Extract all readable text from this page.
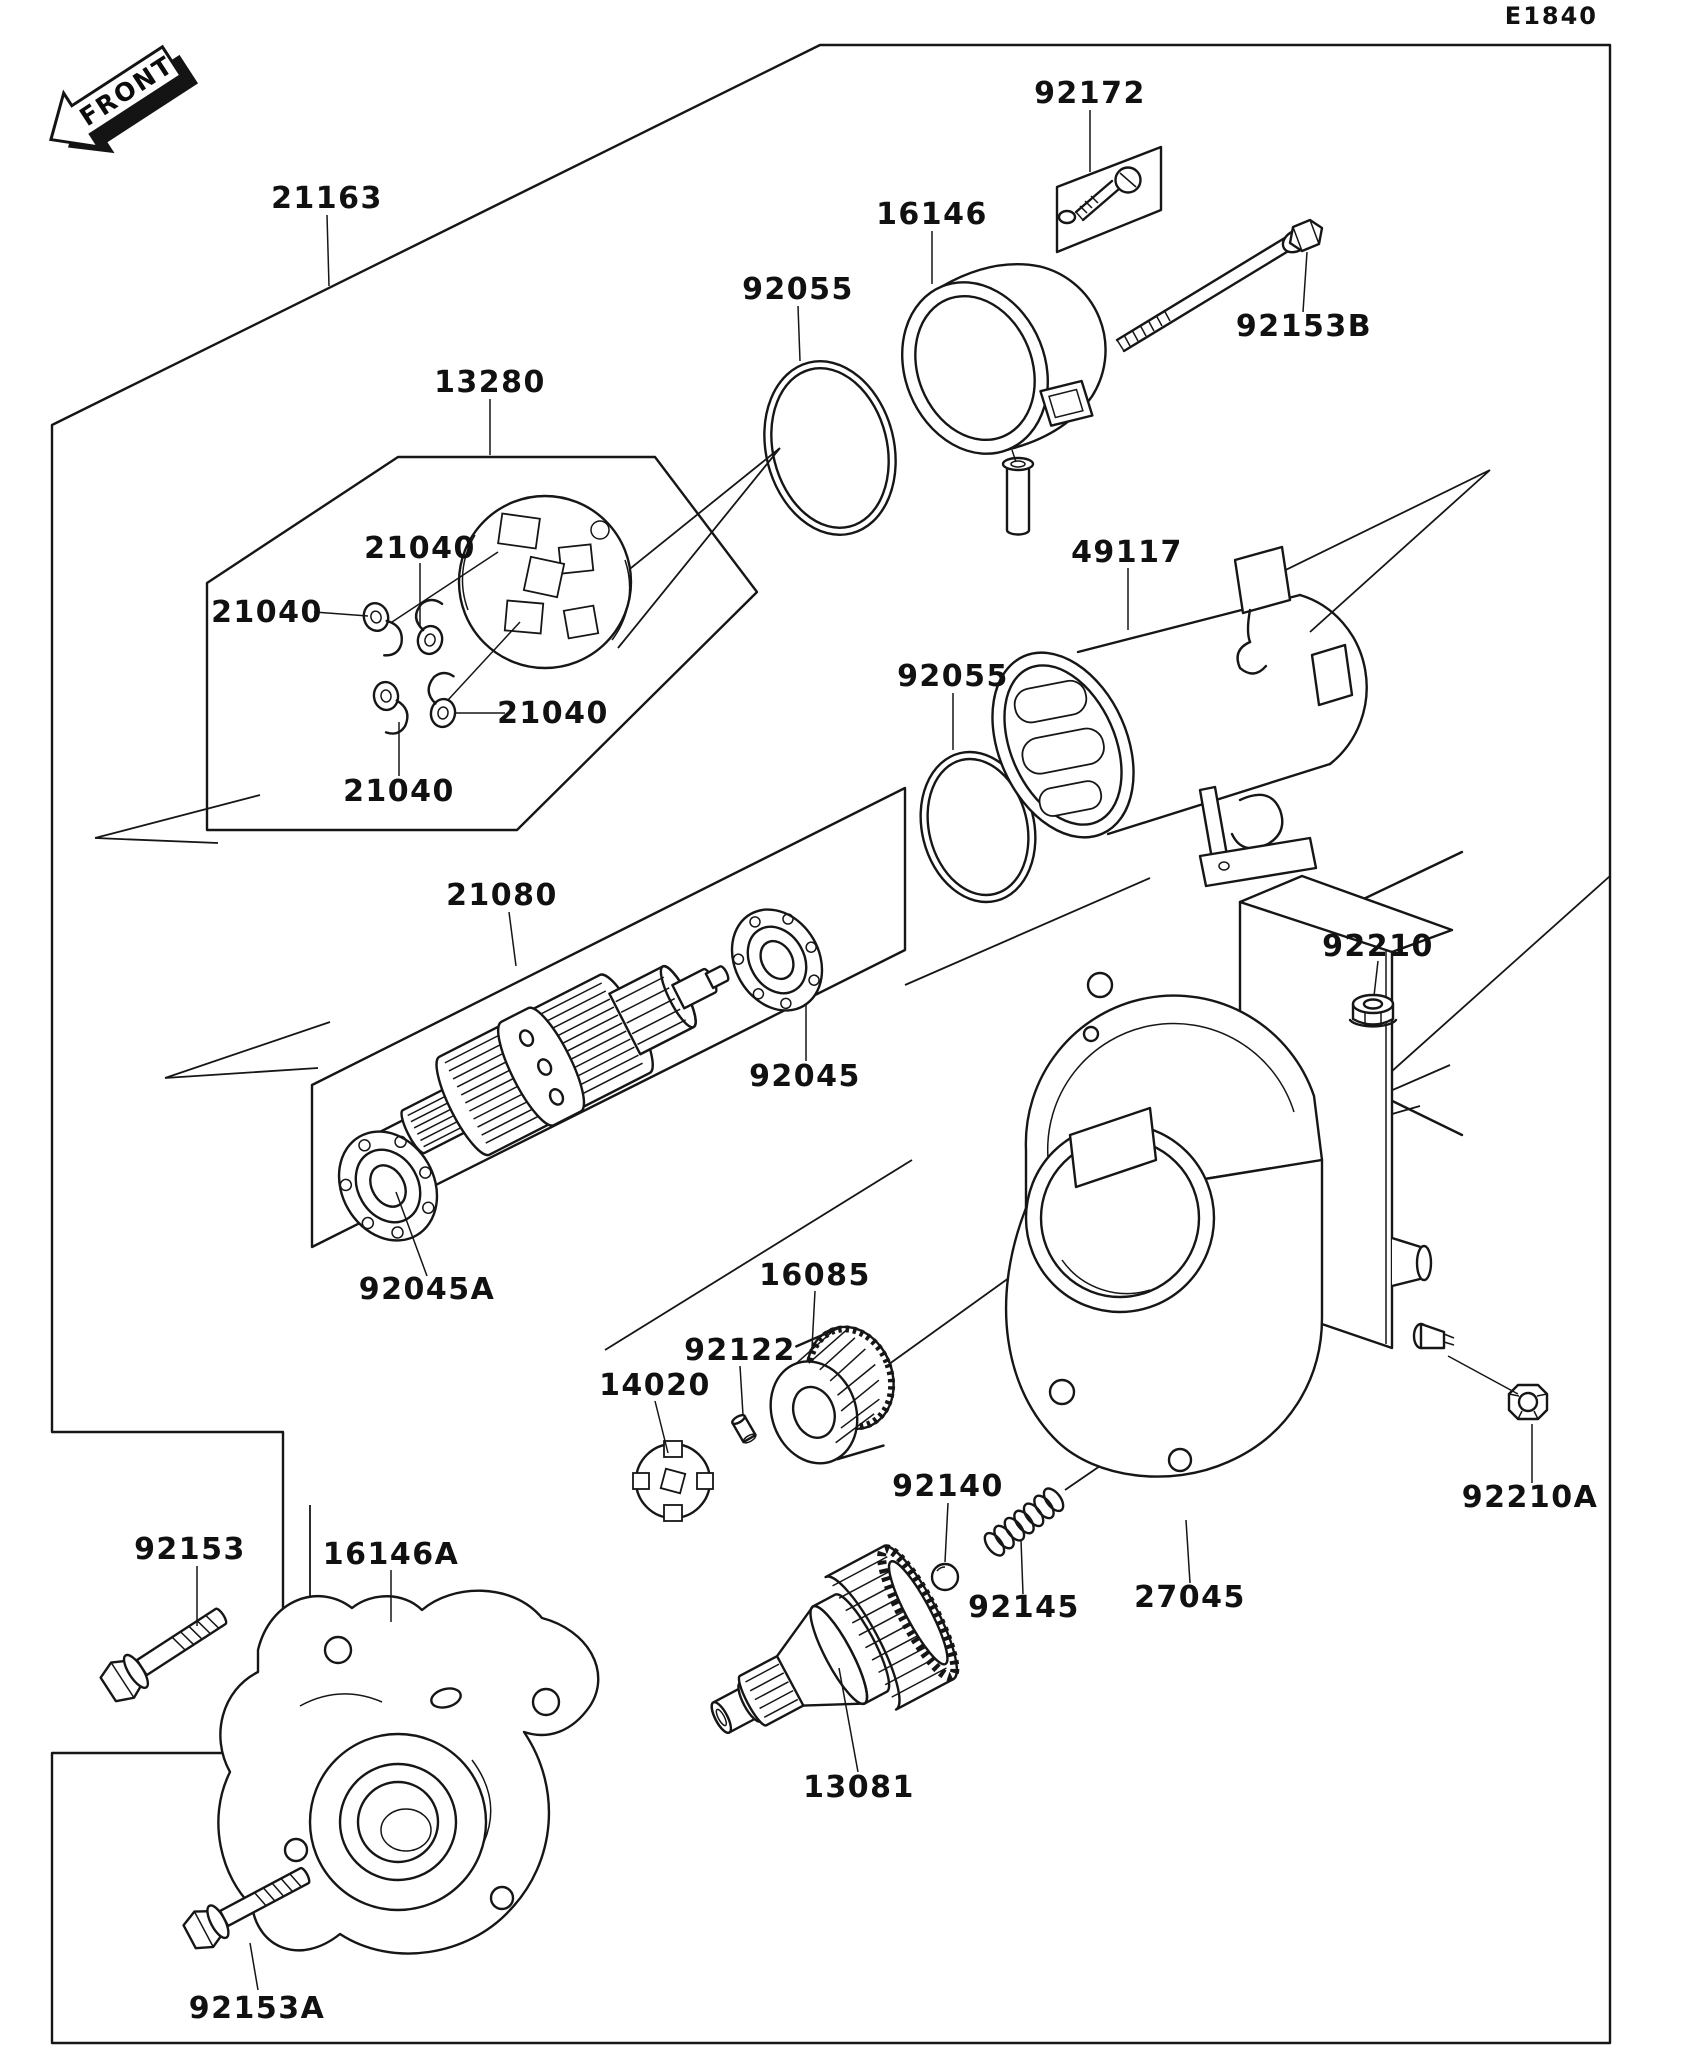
FRONT
E1840
21163
92172
16146
92153B
13280
92055
21040
21040
21040
21040
49117
92055
21080
92210
92045
92045A	16085
92122
14020
92140
92145 27045
92210A
92153	16146A
13081
92153A
